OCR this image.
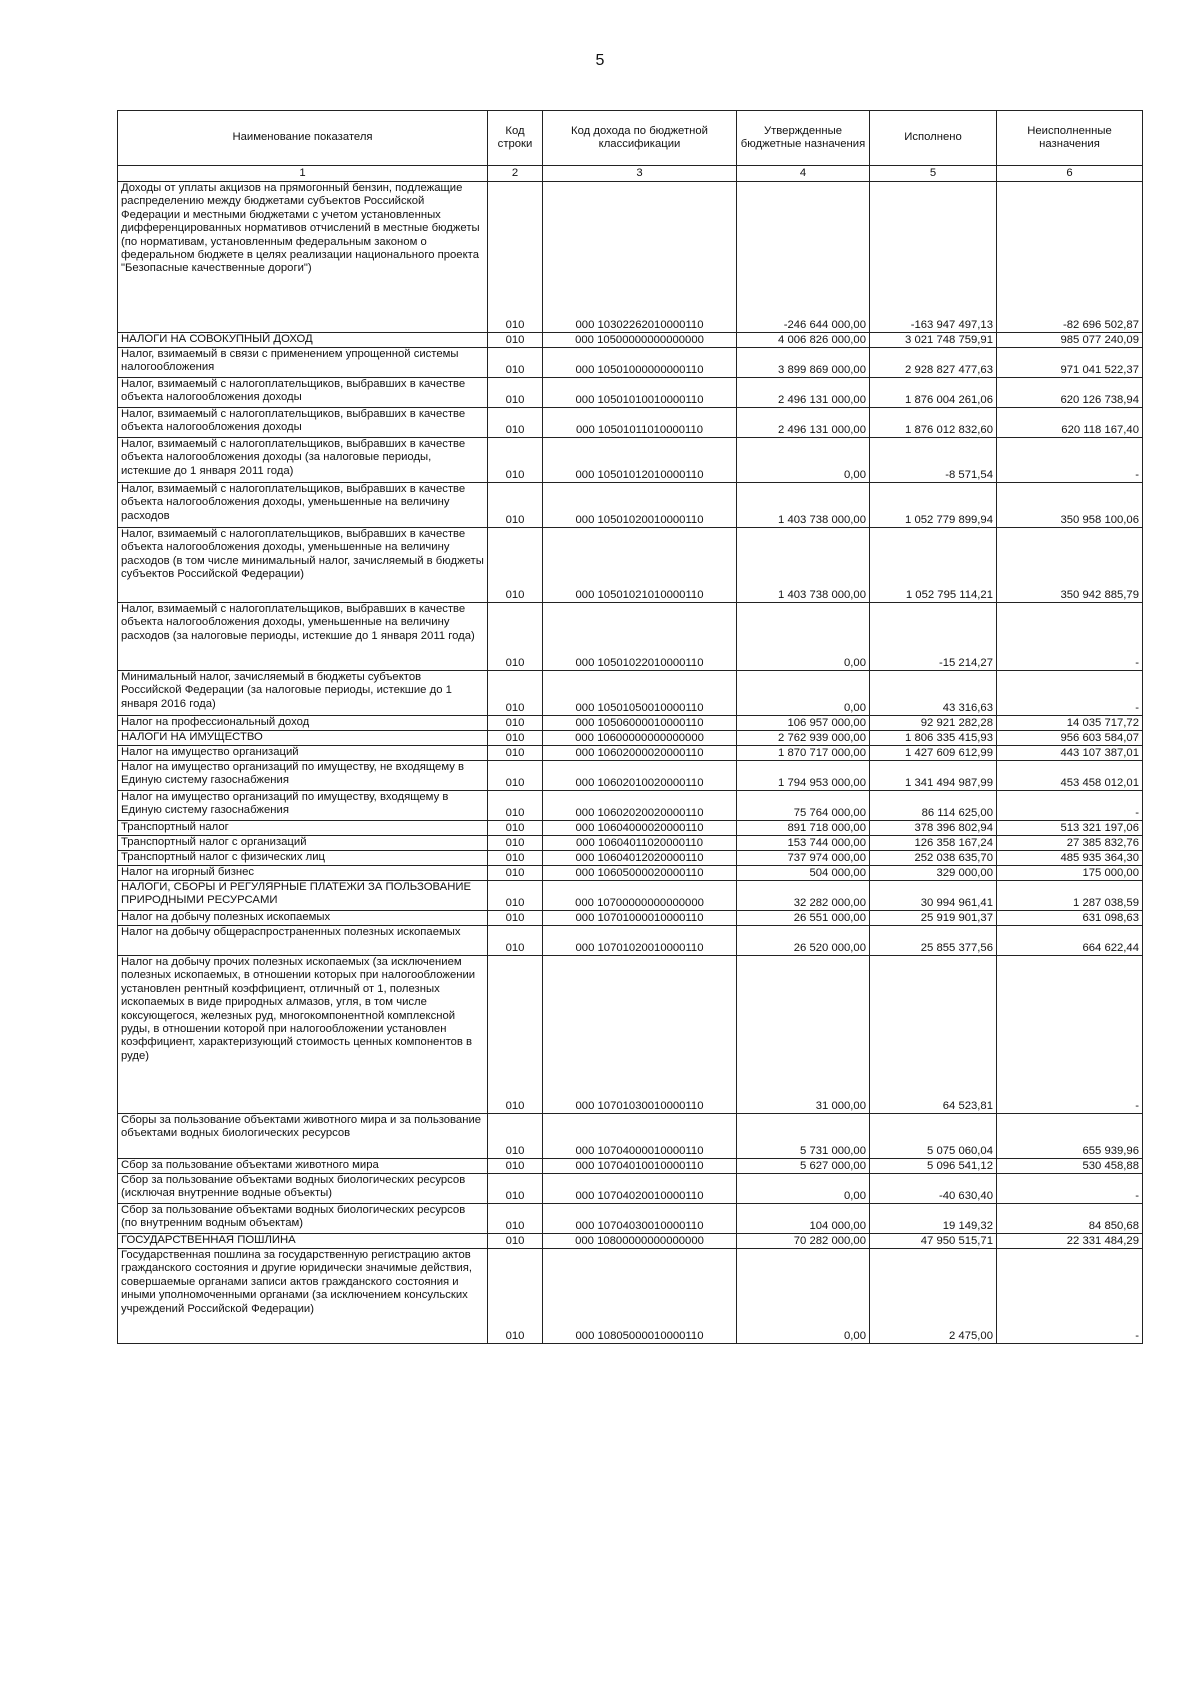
5
Наименование показателя	Код строки	Код дохода по бюджетной классификации	Утвержденные бюджетные назначения	Исполнено	Неисполненные назначения
1	2	3	4	5	6
Доходы от уплаты акцизов на прямогонный бензин, подлежащие распределению между бюджетами субъектов Российской Федерации и местными бюджетами с учетом установленных дифференцированных нормативов отчислений в местные бюджеты (по нормативам, установленным федеральным законом о федеральном бюджете в целях реализации национального проекта "Безопасные качественные дороги")	010	000 10302262010000110	-246 644 000,00	-163 947 497,13	-82 696 502,87
НАЛОГИ НА СОВОКУПНЫЙ ДОХОД	010	000 10500000000000000	4 006 826 000,00	3 021 748 759,91	985 077 240,09
Налог, взимаемый в связи с применением упрощенной системы налогообложения	010	000 10501000000000110	3 899 869 000,00	2 928 827 477,63	971 041 522,37
Налог, взимаемый с налогоплательщиков, выбравших в качестве объекта налогообложения доходы	010	000 10501010010000110	2 496 131 000,00	1 876 004 261,06	620 126 738,94
Налог, взимаемый с налогоплательщиков, выбравших в качестве объекта налогообложения доходы	010	000 10501011010000110	2 496 131 000,00	1 876 012 832,60	620 118 167,40
Налог, взимаемый с налогоплательщиков, выбравших в качестве объекта налогообложения доходы (за налоговые периоды, истекшие до 1 января 2011 года)	010	000 10501012010000110	0,00	-8 571,54	-
Налог, взимаемый с налогоплательщиков, выбравших в качестве объекта налогообложения доходы, уменьшенные на величину расходов	010	000 10501020010000110	1 403 738 000,00	1 052 779 899,94	350 958 100,06
Налог, взимаемый с налогоплательщиков, выбравших в качестве объекта налогообложения доходы, уменьшенные на величину расходов (в том числе минимальный налог, зачисляемый в бюджеты субъектов Российской Федерации)	010	000 10501021010000110	1 403 738 000,00	1 052 795 114,21	350 942 885,79
Налог, взимаемый с налогоплательщиков, выбравших в качестве объекта налогообложения доходы, уменьшенные на величину расходов (за налоговые периоды, истекшие до 1 января 2011 года)	010	000 10501022010000110	0,00	-15 214,27	-
Минимальный налог, зачисляемый в бюджеты субъектов Российской Федерации (за налоговые периоды, истекшие до 1 января 2016 года)	010	000 10501050010000110	0,00	43 316,63	-
Налог на профессиональный доход	010	000 10506000010000110	106 957 000,00	92 921 282,28	14 035 717,72
НАЛОГИ НА ИМУЩЕСТВО	010	000 10600000000000000	2 762 939 000,00	1 806 335 415,93	956 603 584,07
Налог на имущество организаций	010	000 10602000020000110	1 870 717 000,00	1 427 609 612,99	443 107 387,01
Налог на имущество организаций по имуществу, не входящему в Единую систему газоснабжения	010	000 10602010020000110	1 794 953 000,00	1 341 494 987,99	453 458 012,01
Налог на имущество организаций по имуществу, входящему в Единую систему газоснабжения	010	000 10602020020000110	75 764 000,00	86 114 625,00	-
Транспортный налог	010	000 10604000020000110	891 718 000,00	378 396 802,94	513 321 197,06
Транспортный налог с организаций	010	000 10604011020000110	153 744 000,00	126 358 167,24	27 385 832,76
Транспортный налог с физических лиц	010	000 10604012020000110	737 974 000,00	252 038 635,70	485 935 364,30
Налог на игорный бизнес	010	000 10605000020000110	504 000,00	329 000,00	175 000,00
НАЛОГИ, СБОРЫ И РЕГУЛЯРНЫЕ ПЛАТЕЖИ ЗА ПОЛЬЗОВАНИЕ ПРИРОДНЫМИ РЕСУРСАМИ	010	000 10700000000000000	32 282 000,00	30 994 961,41	1 287 038,59
Налог на добычу полезных ископаемых	010	000 10701000010000110	26 551 000,00	25 919 901,37	631 098,63
Налог на добычу общераспространенных полезных ископаемых	010	000 10701020010000110	26 520 000,00	25 855 377,56	664 622,44
Налог на добычу прочих полезных ископаемых (за исключением полезных ископаемых, в отношении которых при налогообложении установлен рентный коэффициент, отличный от 1, полезных ископаемых в виде природных алмазов, угля, в том числе коксующегося, железных руд, многокомпонентной комплексной руды, в отношении которой при налогообложении установлен коэффициент, характеризующий стоимость ценных компонентов в руде)	010	000 10701030010000110	31 000,00	64 523,81	-
Сборы за пользование объектами животного мира и за пользование объектами водных биологических ресурсов	010	000 10704000010000110	5 731 000,00	5 075 060,04	655 939,96
Сбор за пользование объектами животного мира	010	000 10704010010000110	5 627 000,00	5 096 541,12	530 458,88
Сбор за пользование объектами водных биологических ресурсов (исключая внутренние водные объекты)	010	000 10704020010000110	0,00	-40 630,40	-
Сбор за пользование объектами водных биологических ресурсов (по внутренним водным объектам)	010	000 10704030010000110	104 000,00	19 149,32	84 850,68
ГОСУДАРСТВЕННАЯ ПОШЛИНА	010	000 10800000000000000	70 282 000,00	47 950 515,71	22 331 484,29
Государственная пошлина за государственную регистрацию актов гражданского состояния и другие юридически значимые действия, совершаемые органами записи актов гражданского состояния и иными уполномоченными органами (за исключением консульских учреждений Российской Федерации)	010	000 10805000010000110	0,00	2 475,00	-
